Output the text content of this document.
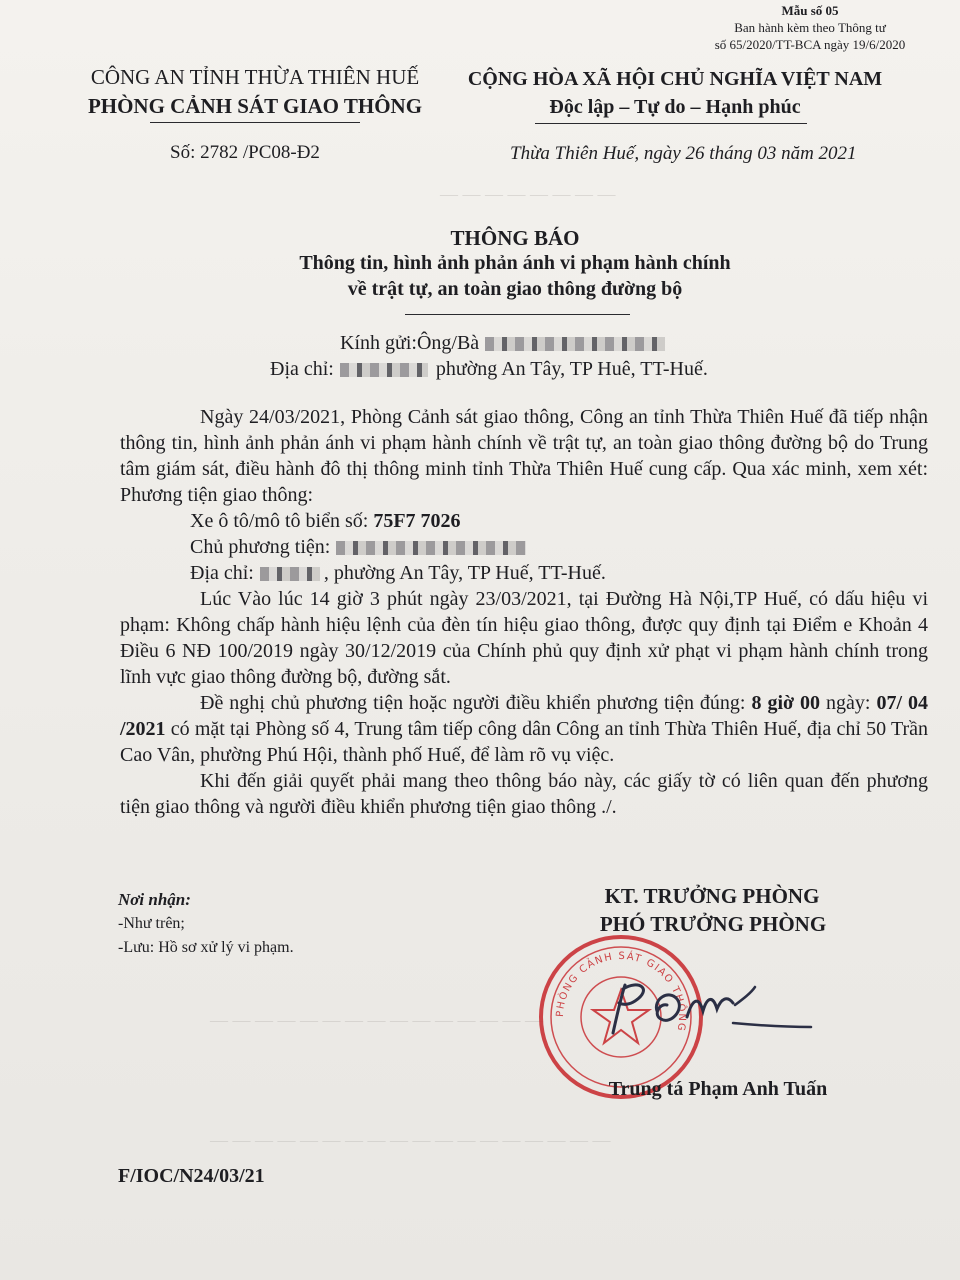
— — — — — — — —
— — — — — — — — — — — — — — —
— — — — — — — — — — — — — — — — — —
Mẫu số 05
Ban hành kèm theo Thông tư
số 65/2020/TT-BCA ngày 19/6/2020
CÔNG AN TỈNH THỪA THIÊN HUẾ
PHÒNG CẢNH SÁT GIAO THÔNG
CỘNG HÒA XÃ HỘI CHỦ NGHĨA VIỆT NAM
Độc lập – Tự do – Hạnh phúc
Số: 2782 /PC08-Đ2	Thừa Thiên Huế, ngày 26 tháng 03 năm 2021
THÔNG BÁO
Thông tin, hình ảnh phản ánh vi phạm hành chính
về trật tự, an toàn giao thông đường bộ
Kính gửi:Ông/Bà
Địa chỉ:	phường An Tây, TP Huê, TT-Huế.

Ngày 24/03/2021, Phòng Cảnh sát giao thông, Công an tỉnh Thừa Thiên Huế đã tiếp nhận thông tin, hình ảnh phản ánh vi phạm hành chính về trật tự, an toàn giao thông đường bộ do Trung tâm giám sát, điều hành đô thị thông minh tỉnh Thừa Thiên Huế cung cấp. Qua xác minh, xem xét: Phương tiện giao thông:

Xe ô tô/mô tô biển số: 75F7 7026
Chủ phương tiện:
Địa chỉ:	, phường An Tây, TP Huế, TT-Huế.

Lúc Vào lúc 14 giờ 3 phút ngày 23/03/2021, tại Đường Hà Nội,TP Huế, có dấu hiệu vi phạm: Không chấp hành hiệu lệnh của đèn tín hiệu giao thông, được quy định tại Điểm e Khoản 4 Điều 6 NĐ 100/2019 ngày 30/12/2019 của Chính phủ quy định xử phạt vi phạm hành chính trong lĩnh vực giao thông đường bộ, đường sắt.

Đề nghị chủ phương tiện hoặc người điều khiển phương tiện đúng: 8 giờ 00 ngày: 07/ 04 /2021 có mặt tại Phòng số 4, Trung tâm tiếp công dân Công an tỉnh Thừa Thiên Huế, địa chỉ 50 Trần Cao Vân, phường Phú Hội, thành phố Huế, để làm rõ vụ việc.

Khi đến giải quyết phải mang theo thông báo này, các giấy tờ có liên quan đến phương tiện giao thông và người điều khiển phương tiện giao thông ./.

Nơi nhận:
-Như trên;
-Lưu: Hồ sơ xử lý vi phạm.
KT. TRƯỞNG PHÒNG
PHÓ TRƯỞNG PHÒNG
PHÒNG CẢNH SÁT GIAO THÔNG
Trung tá Phạm Anh Tuấn
F/IOC/N24/03/21
